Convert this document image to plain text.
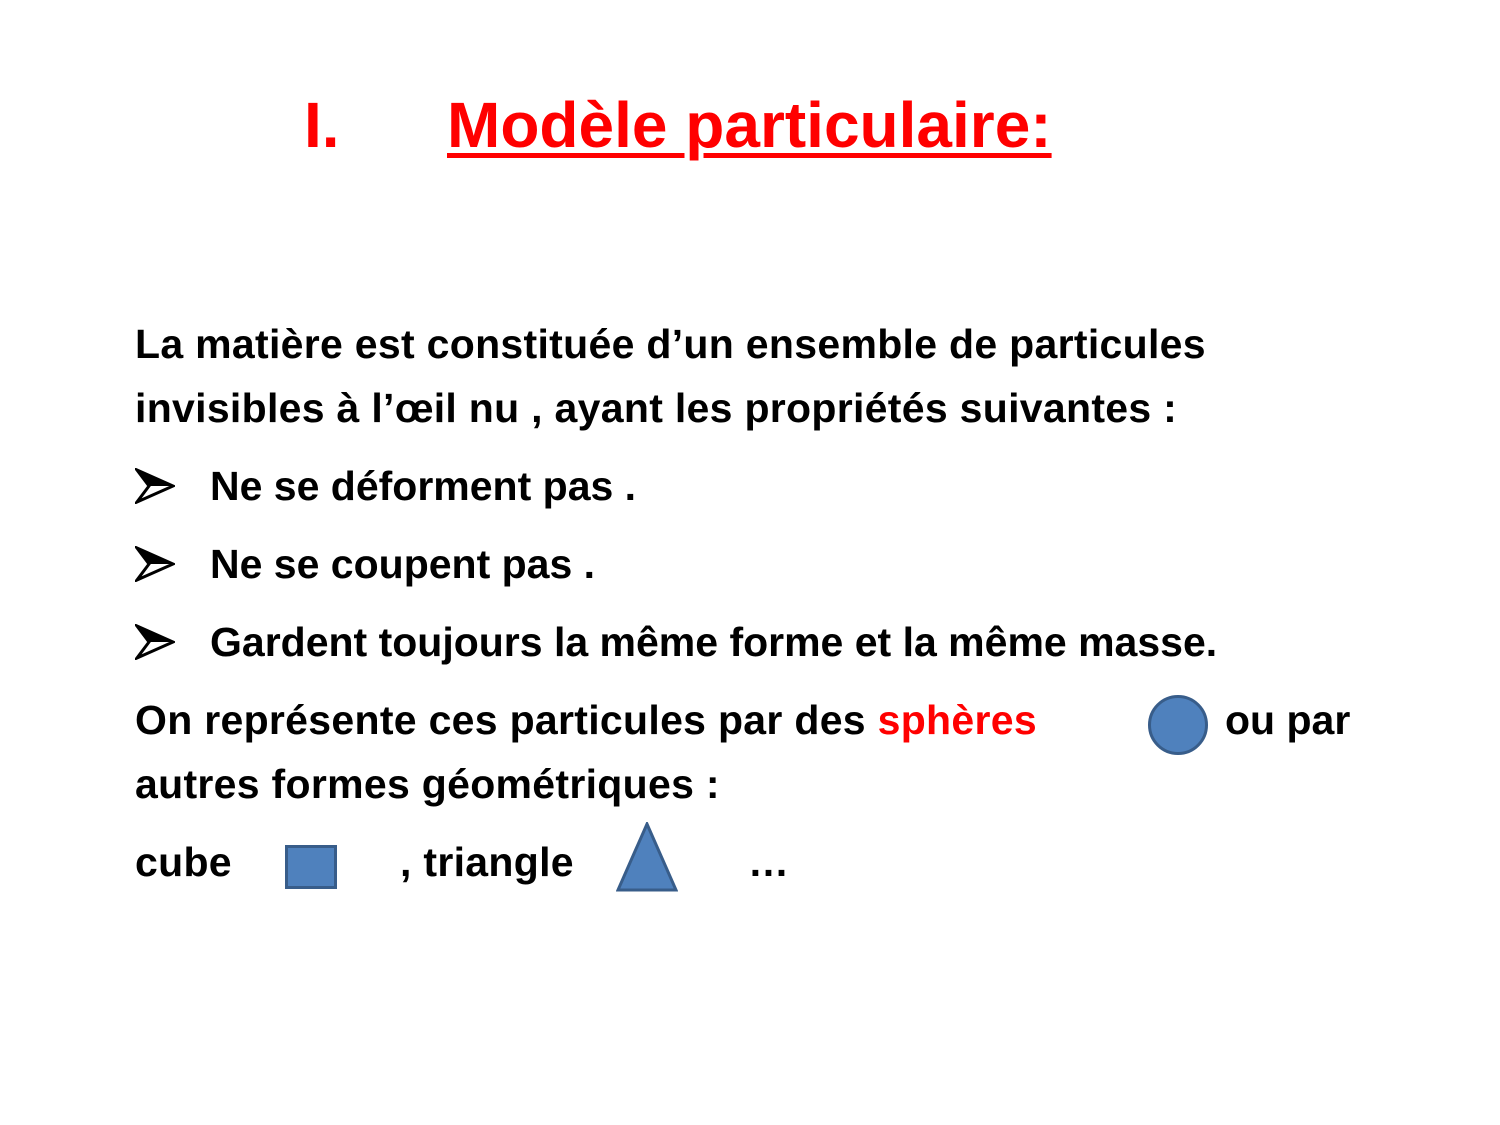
I. Modèle particulaire:
La matière est constituée d’un ensemble de particules
invisibles à l’œil nu , ayant les propriétés suivantes :
Ne se déforment pas .
Ne se coupent pas .
Gardent toujours la même forme et la même masse.
On représente ces particules par des sphères	ou par
autres formes géométriques :
cube	, triangle	…
